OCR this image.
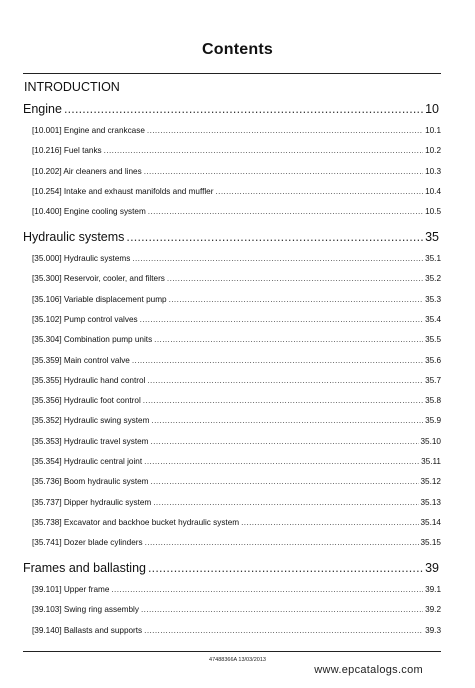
Contents
INTRODUCTION
Engine .....	10
[10.001] Engine and crankcase .....	10.1
[10.216] Fuel tanks .....	10.2
[10.202] Air cleaners and lines .....	10.3
[10.254] Intake and exhaust manifolds and muffler .....	10.4
[10.400] Engine cooling system .....	10.5
Hydraulic systems .....	35
[35.000] Hydraulic systems .....	35.1
[35.300] Reservoir, cooler, and filters .....	35.2
[35.106] Variable displacement pump .....	35.3
[35.102] Pump control valves .....	35.4
[35.304] Combination pump units .....	35.5
[35.359] Main control valve .....	35.6
[35.355] Hydraulic hand control .....	35.7
[35.356] Hydraulic foot control .....	35.8
[35.352] Hydraulic swing system .....	35.9
[35.353] Hydraulic travel system .....	35.10
[35.354] Hydraulic central joint .....	35.11
[35.736] Boom hydraulic system .....	35.12
[35.737] Dipper hydraulic system .....	35.13
[35.738] Excavator and backhoe bucket hydraulic system .....	35.14
[35.741] Dozer blade cylinders .....	35.15
Frames and ballasting .....	39
[39.101] Upper frame .....	39.1
[39.103] Swing ring assembly .....	39.2
[39.140] Ballasts and supports .....	39.3
47488366A 13/03/2013
www.epcatalogs.com
